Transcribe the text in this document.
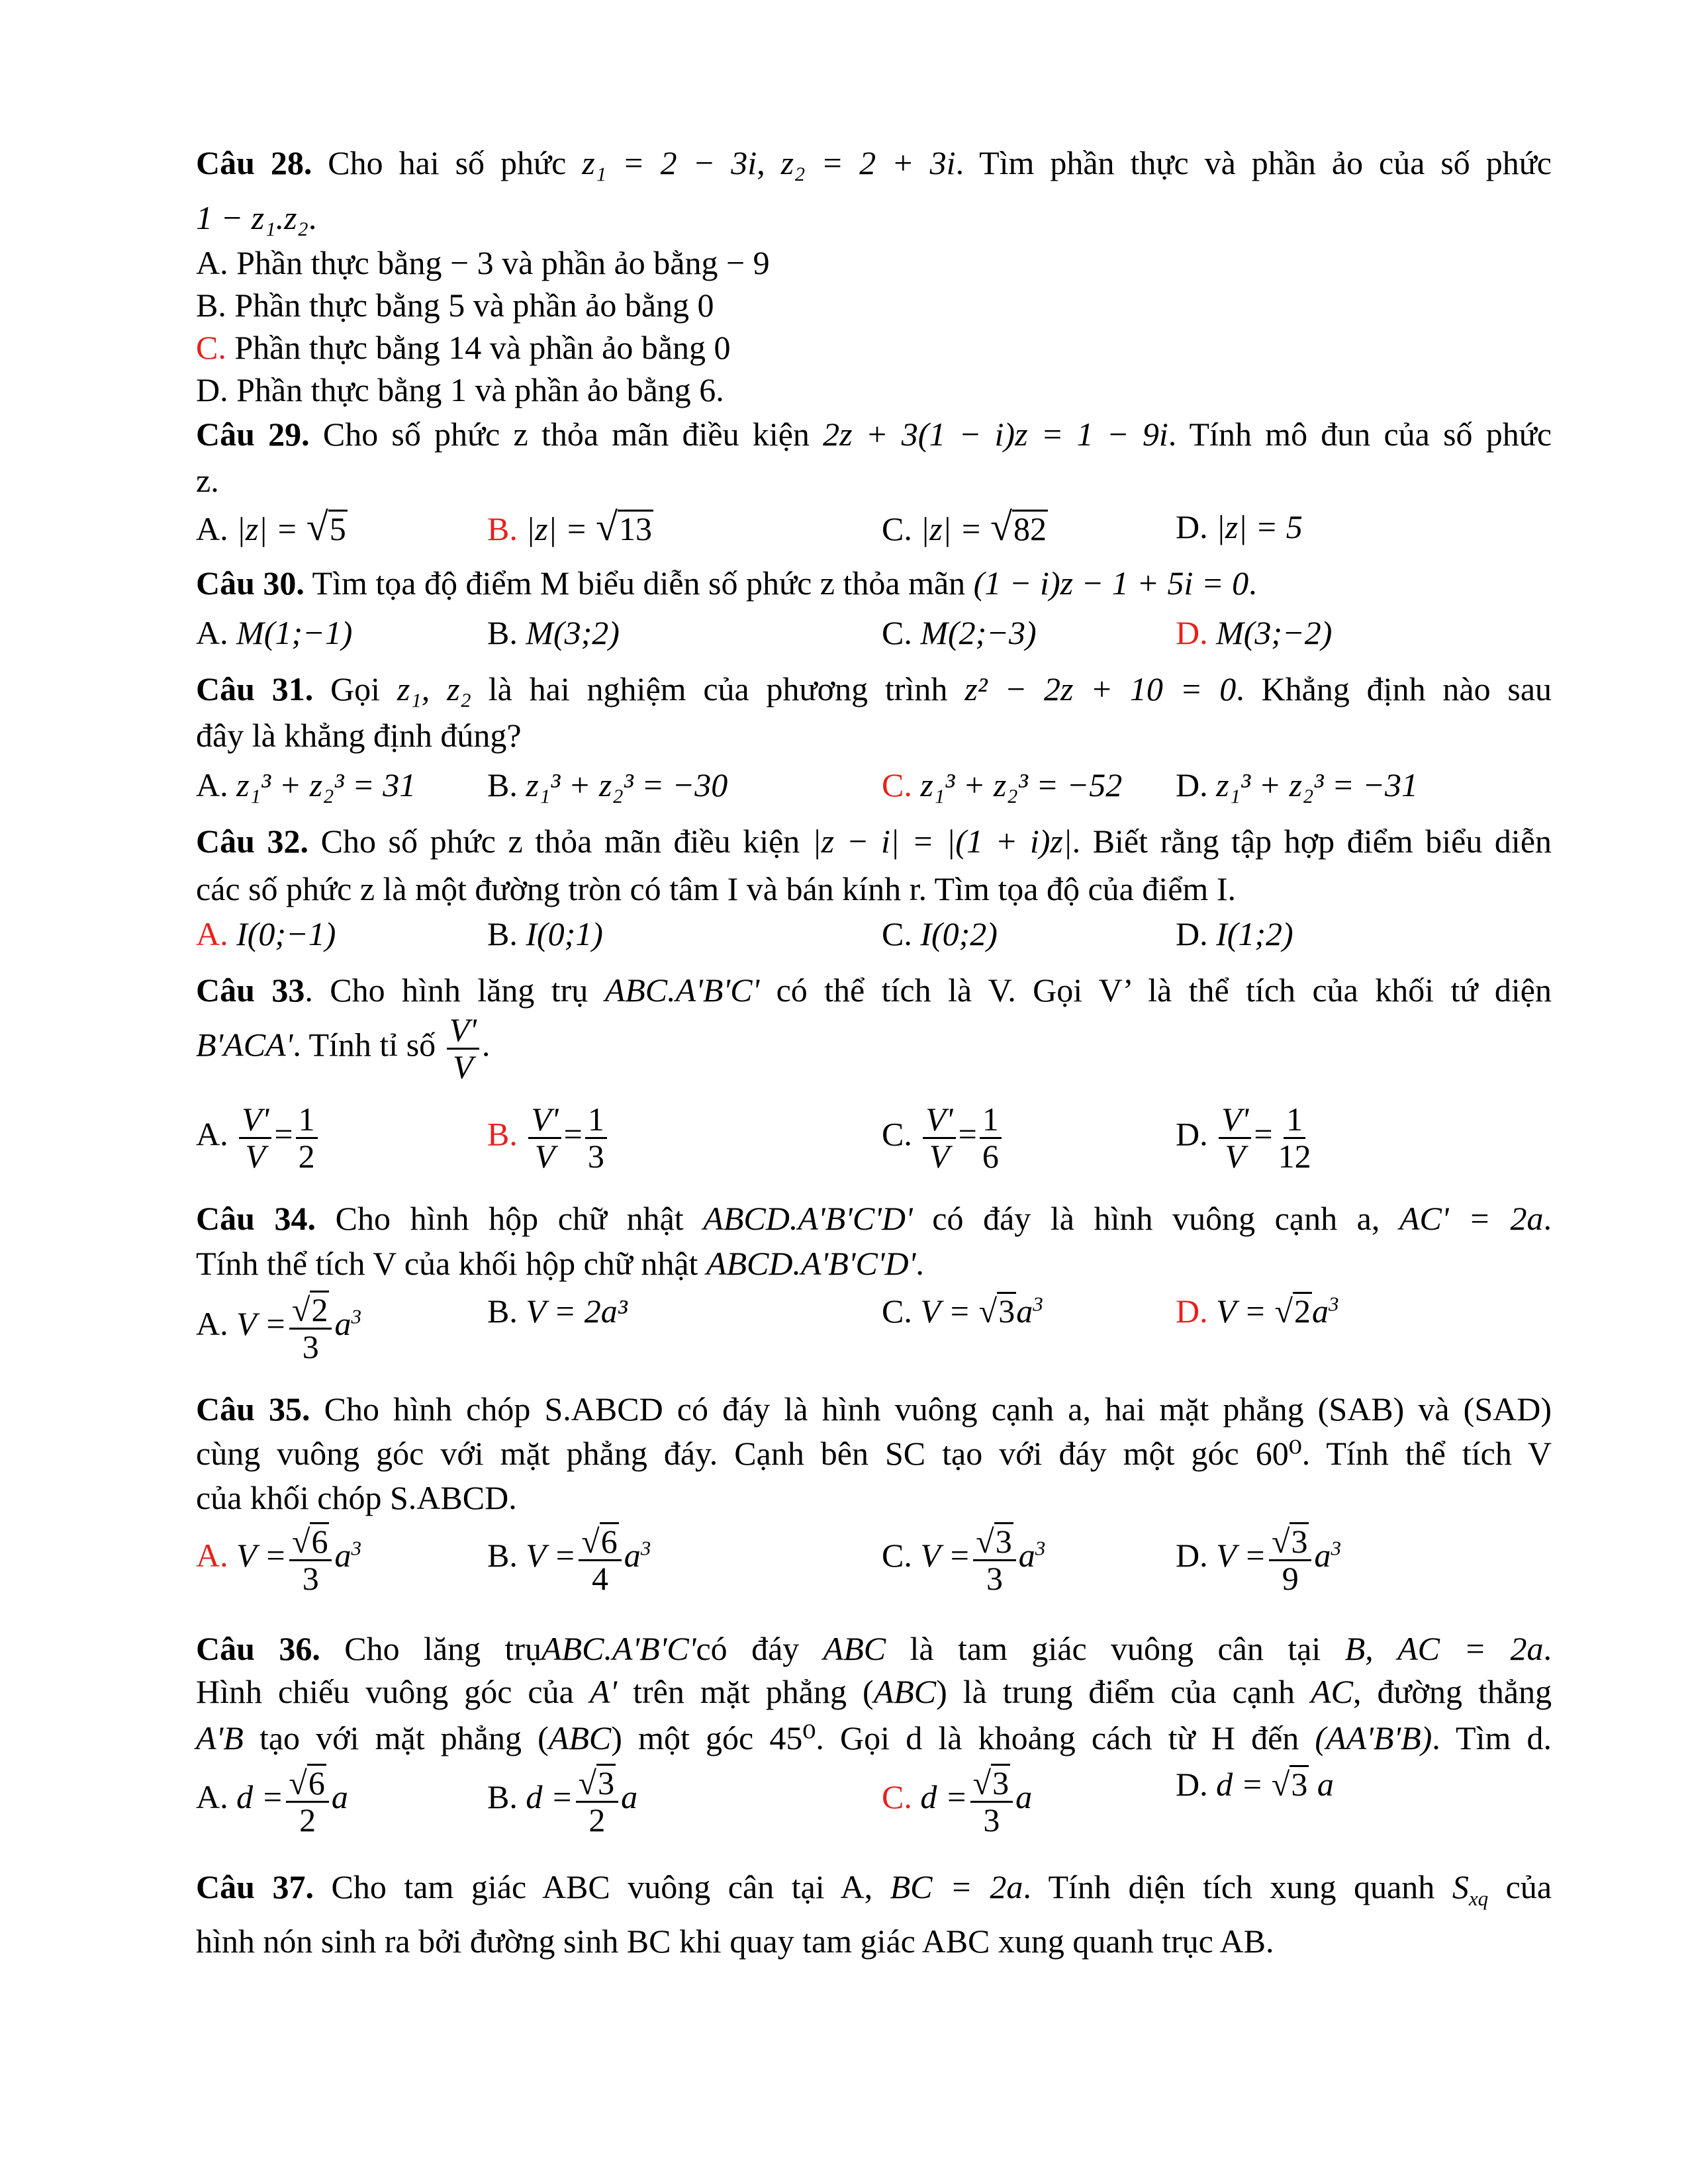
Câu 28. Cho hai số phức z₁ = 2 − 3i, z₂ = 2 + 3i. Tìm phần thực và phần ảo của số phức
1 − z₁.z₂.
A. Phần thực bằng − 3 và phần ảo bằng − 9
B. Phần thực bằng 5 và phần ảo bằng 0
C. Phần thực bằng 14 và phần ảo bằng 0
D. Phần thực bằng 1 và phần ảo bằng 6.
Câu 29. Cho số phức z thỏa mãn điều kiện 2z + 3(1 − i)z = 1 − 9i. Tính mô đun của số phức
z.
A. |z| = √5	B. |z| = √13	C. |z| = √82	D. |z| = 5
Câu 30. Tìm tọa độ điểm M biểu diễn số phức z thỏa mãn (1 − i)z − 1 + 5i = 0.
A. M(1;−1)	B. M(3;2)	C. M(2;−3)	D. M(3;−2)
Câu 31. Gọi z₁, z₂ là hai nghiệm của phương trình z² − 2z + 10 = 0. Khẳng định nào sau
đây là khẳng định đúng?
A. z₁³ + z₂³ = 31 B. z₁³ + z₂³ = −30	C. z₁³ + z₂³ = −52 D. z₁³ + z₂³ = −31
Câu 32. Cho số phức z thỏa mãn điều kiện |z − i| = |(1 + i)z|. Biết rằng tập hợp điểm biểu diễn
các số phức z là một đường tròn có tâm I và bán kính r. Tìm tọa độ của điểm I.
A. I(0;−1)	B. I(0;1)	C. I(0;2)	D. I(1;2)
Câu 33. Cho hình lăng trụ ABC.A'B'C' có thể tích là V. Gọi V’ là thể tích của khối tứ diện
B'ACA'. Tính tỉ số $\frac{V'}{V}$ .
A. $\frac{V'}{V} = \frac{1}{2}$	B. $\frac{V'}{V} = \frac{1}{3}$	C. $\frac{V'}{V} = \frac{1}{6}$	D. $\frac{V'}{V} = \frac{1}{12}$
Câu 34. Cho hình hộp chữ nhật ABCD.A'B'C'D' có đáy là hình vuông cạnh a, AC' = 2a.
Tính thể tích V của khối hộp chữ nhật ABCD.A'B'C'D'.
A. $V = \frac{√2}{3} a^3$	B. V = 2a³	C. $V = √3a^3$	D. $V = √2a^3$
Câu 35. Cho hình chóp S.ABCD có đáy là hình vuông cạnh a, hai mặt phẳng (SAB) và (SAD)
cùng vuông góc với mặt phẳng đáy. Cạnh bên SC tạo với đáy một góc 60⁰. Tính thể tích V
của khối chóp S.ABCD.
A. $V = \frac{√6}{3} a^3$	B. $V = \frac{√6}{4} a^3$	C. $V = \frac{√3}{3} a^3$	D. $V = \frac{√3}{9} a^3$
Câu 36. Cho lăng trụABC.A'B'C'có đáy ABC là tam giác vuông cân tại B, AC = 2a.
Hình chiếu vuông góc của A' trên mặt phẳng (ABC) là trung điểm của cạnh AC, đường thẳng
A'B tạo với mặt phẳng (ABC) một góc 45⁰. Gọi d là khoảng cách từ H đến (AA'B'B). Tìm d.
A. $d = \frac{√6}{2}$ a	B. $d = \frac{√3}{2}$ a	C. $d = \frac{√3}{3}$ a	D. d = √3 a
Câu 37. Cho tam giác ABC vuông cân tại A, BC = 2a. Tính diện tích xung quanh $S_{xq}$ của
hình nón sinh ra bởi đường sinh BC khi quay tam giác ABC xung quanh trục AB.
